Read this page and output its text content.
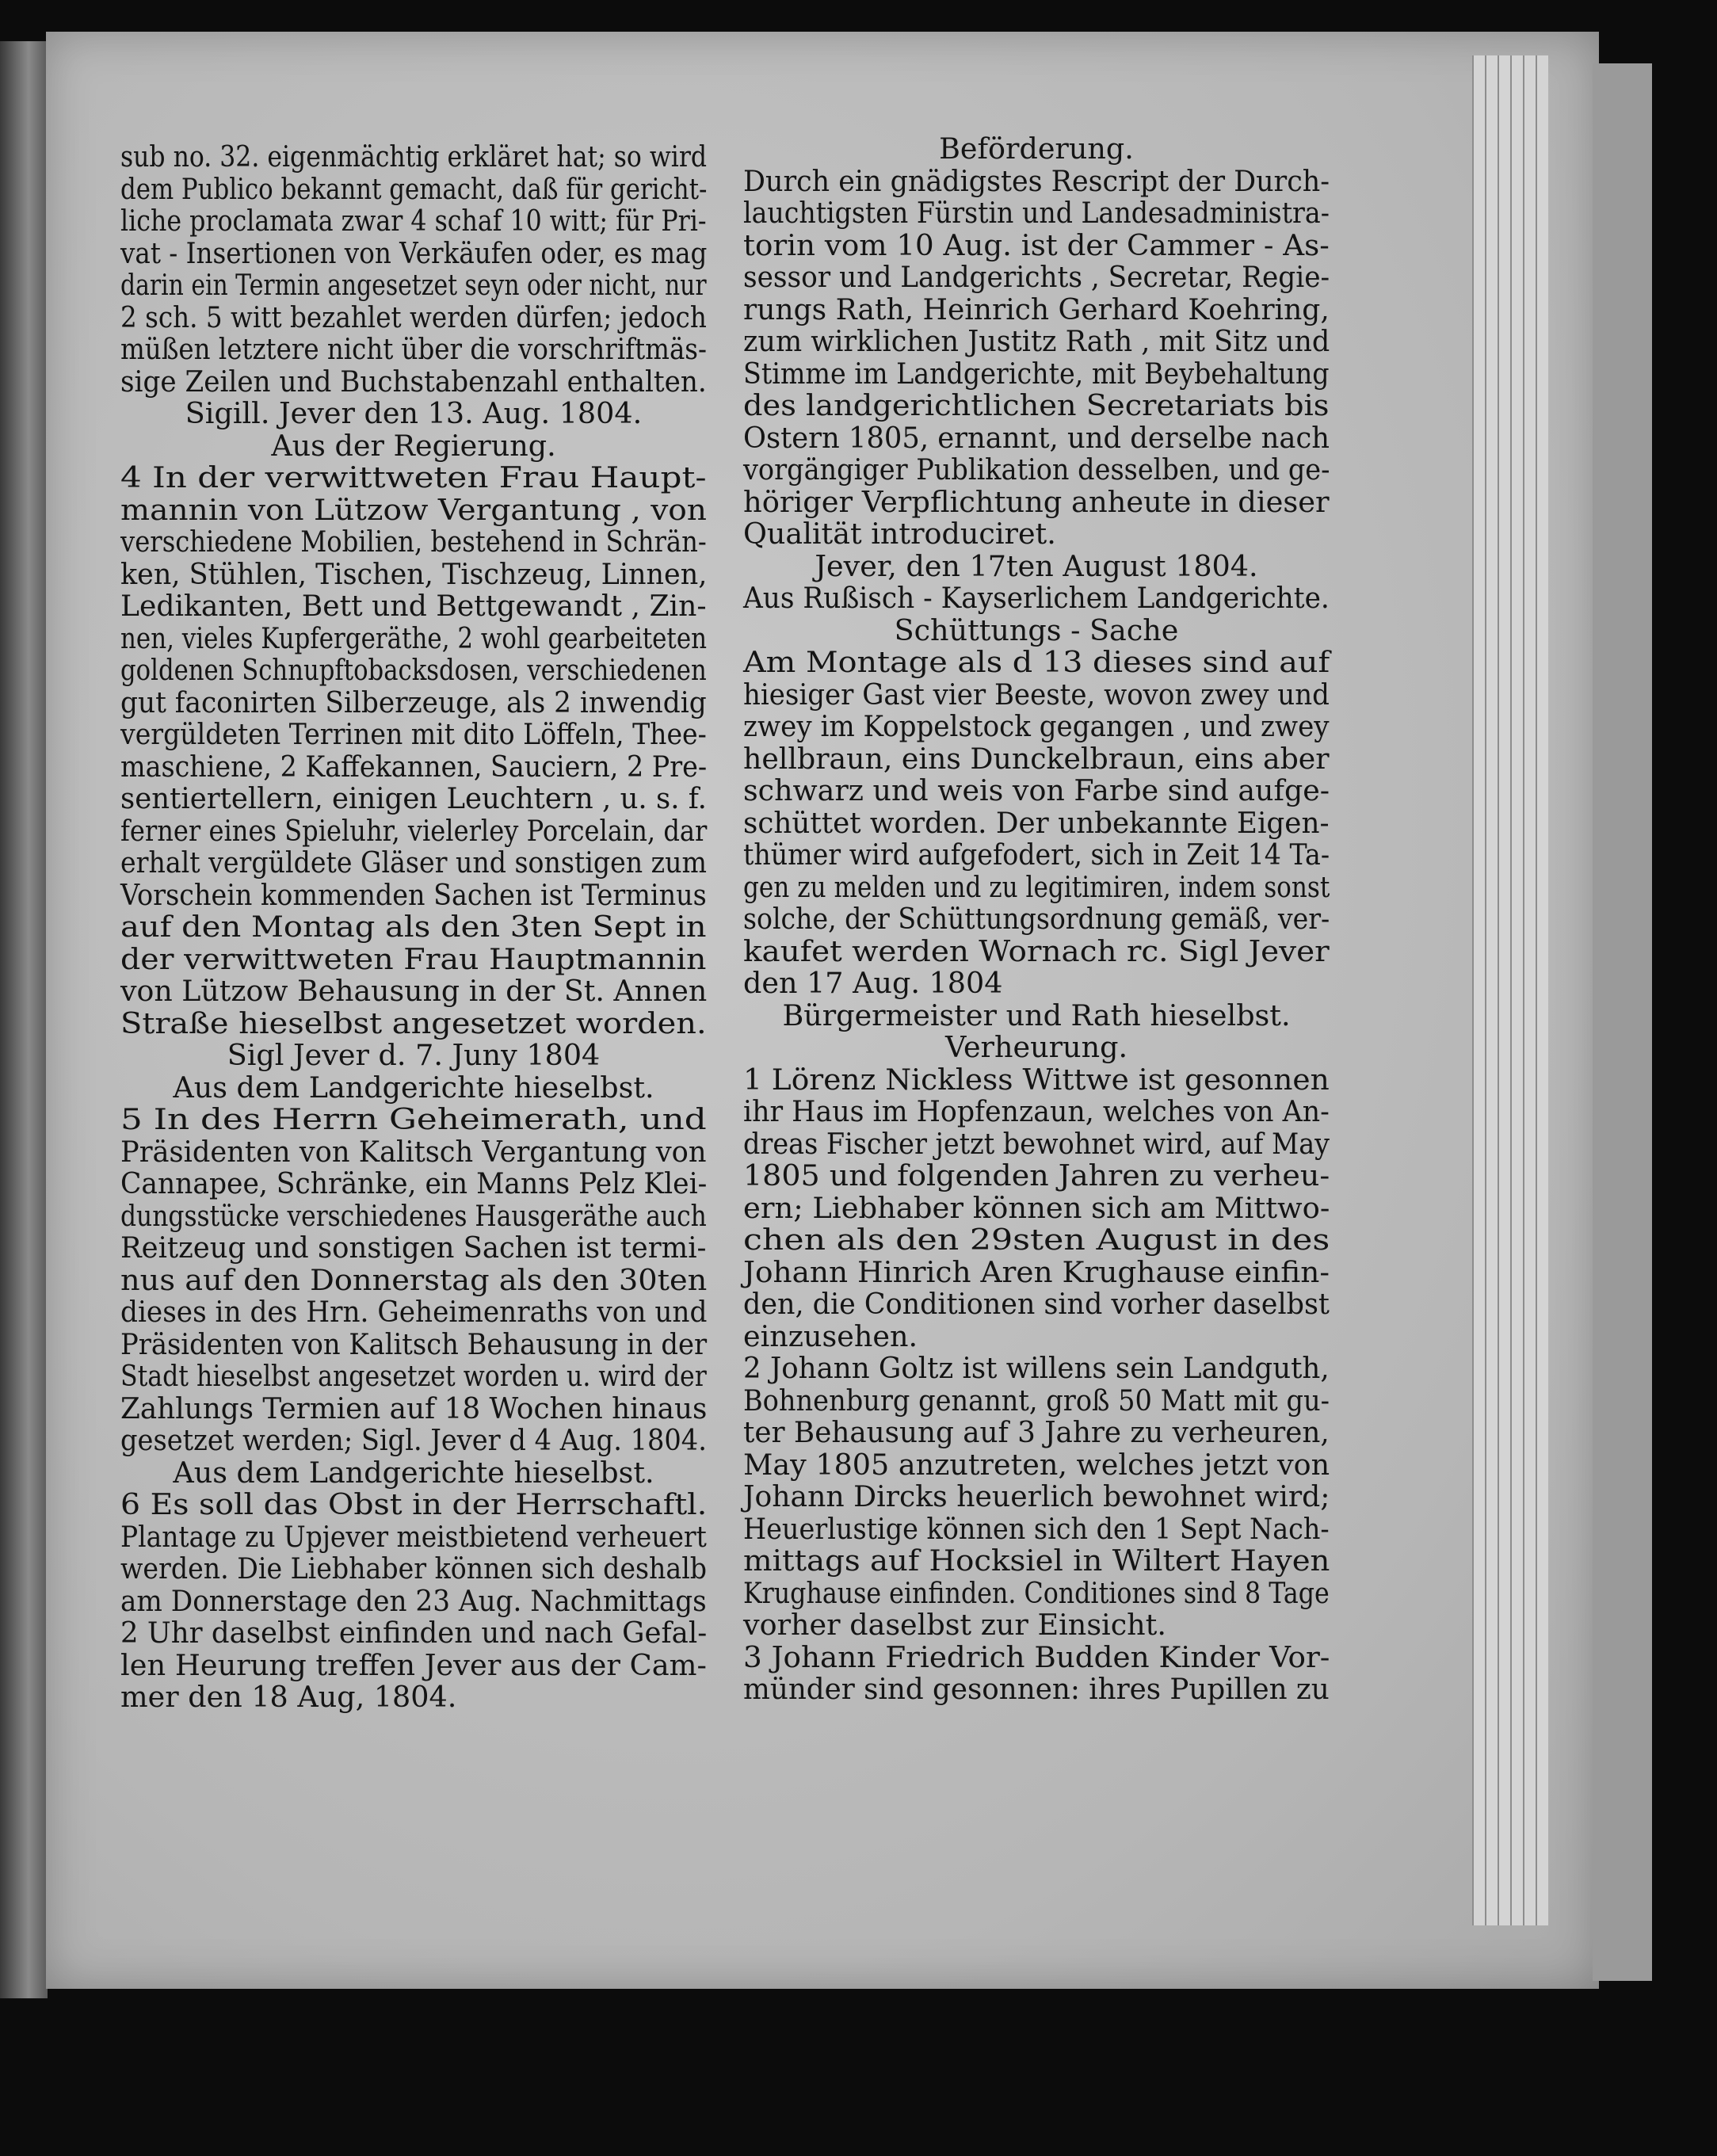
sub no. 32. eigenmächtig erkläret hat; so wird
dem Publico bekannt gemacht, daß für gericht-
liche proclamata zwar 4 schaf 10 witt; für Pri-
vat - Insertionen von Verkäufen oder, es mag
darin ein Termin angesetzet seyn oder nicht, nur
2 sch. 5 witt bezahlet werden dürfen; jedoch
müßen letztere nicht über die vorschriftmäs-
sige Zeilen und Buchstabenzahl enthalten.
Sigill. Jever den 13. Aug. 1804.
Aus der Regierung.
4 In der verwittweten Frau Haupt-
mannin von Lützow Vergantung , von
verschiedene Mobilien, bestehend in Schrän-
ken, Stühlen, Tischen, Tischzeug, Linnen,
Ledikanten, Bett und Bettgewandt , Zin-
nen, vieles Kupfergeräthe, 2 wohl gearbeiteten
goldenen Schnupftobacksdosen, verschiedenen
gut faconirten Silberzeuge, als 2 inwendig
vergüldeten Terrinen mit dito Löffeln, Thee-
maschiene, 2 Kaffekannen, Sauciern, 2 Pre-
sentiertellern, einigen Leuchtern , u. s. f.
ferner eines Spieluhr, vielerley Porcelain, dar
erhalt vergüldete Gläser und sonstigen zum
Vorschein kommenden Sachen ist Terminus
auf den Montag als den 3ten Sept in
der verwittweten Frau Hauptmannin
von Lützow Behausung in der St. Annen
Straße hieselbst angesetzet worden.
Sigl Jever d. 7. Juny 1804
Aus dem Landgerichte hieselbst.
5 In des Herrn Geheimerath, und
Präsidenten von Kalitsch Vergantung von
Cannapee, Schränke, ein Manns Pelz Klei-
dungsstücke verschiedenes Hausgeräthe auch
Reitzeug und sonstigen Sachen ist termi-
nus auf den Donnerstag als den 30ten
dieses in des Hrn. Geheimenraths von und
Präsidenten von Kalitsch Behausung in der
Stadt hieselbst angesetzet worden u. wird der
Zahlungs Termien auf 18 Wochen hinaus
gesetzet werden; Sigl. Jever d 4 Aug. 1804.
Aus dem Landgerichte hieselbst.
6 Es soll das Obst in der Herrschaftl.
Plantage zu Upjever meistbietend verheuert
werden. Die Liebhaber können sich deshalb
am Donnerstage den 23 Aug. Nachmittags
2 Uhr daselbst einfinden und nach Gefal-
len Heurung treffen Jever aus der Cam-
mer den 18 Aug, 1804.
Beförderung.
Durch ein gnädigstes Rescript der Durch-
lauchtigsten Fürstin und Landesadministra-
torin vom 10 Aug. ist der Cammer - As-
sessor und Landgerichts , Secretar, Regie-
rungs Rath, Heinrich Gerhard Koehring,
zum wirklichen Justitz Rath , mit Sitz und
Stimme im Landgerichte, mit Beybehaltung
des landgerichtlichen Secretariats bis
Ostern 1805, ernannt, und derselbe nach
vorgängiger Publikation desselben, und ge-
höriger Verpflichtung anheute in dieser
Qualität introduciret.
Jever, den 17ten August 1804.
Aus Rußisch - Kayserlichem Landgerichte.
Schüttungs - Sache
Am Montage als d 13 dieses sind auf
hiesiger Gast vier Beeste, wovon zwey und
zwey im Koppelstock gegangen , und zwey
hellbraun, eins Dunckelbraun, eins aber
schwarz und weis von Farbe sind aufge-
schüttet worden. Der unbekannte Eigen-
thümer wird aufgefodert, sich in Zeit 14 Ta-
gen zu melden und zu legitimiren, indem sonst
solche, der Schüttungsordnung gemäß, ver-
kaufet werden Wornach rc. Sigl Jever
den 17 Aug. 1804
Bürgermeister und Rath hieselbst.
Verheurung.
1 Lörenz Nickless Wittwe ist gesonnen
ihr Haus im Hopfenzaun, welches von An-
dreas Fischer jetzt bewohnet wird, auf May
1805 und folgenden Jahren zu verheu-
ern; Liebhaber können sich am Mittwo-
chen als den 29sten August in des
Johann Hinrich Aren Krughause einfin-
den, die Conditionen sind vorher daselbst
einzusehen.
2 Johann Goltz ist willens sein Landguth,
Bohnenburg genannt, groß 50 Matt mit gu-
ter Behausung auf 3 Jahre zu verheuren,
May 1805 anzutreten, welches jetzt von
Johann Dircks heuerlich bewohnet wird;
Heuerlustige können sich den 1 Sept Nach-
mittags auf Hocksiel in Wiltert Hayen
Krughause einfinden. Conditiones sind 8 Tage
vorher daselbst zur Einsicht.
3 Johann Friedrich Budden Kinder Vor-
münder sind gesonnen: ihres Pupillen zu
